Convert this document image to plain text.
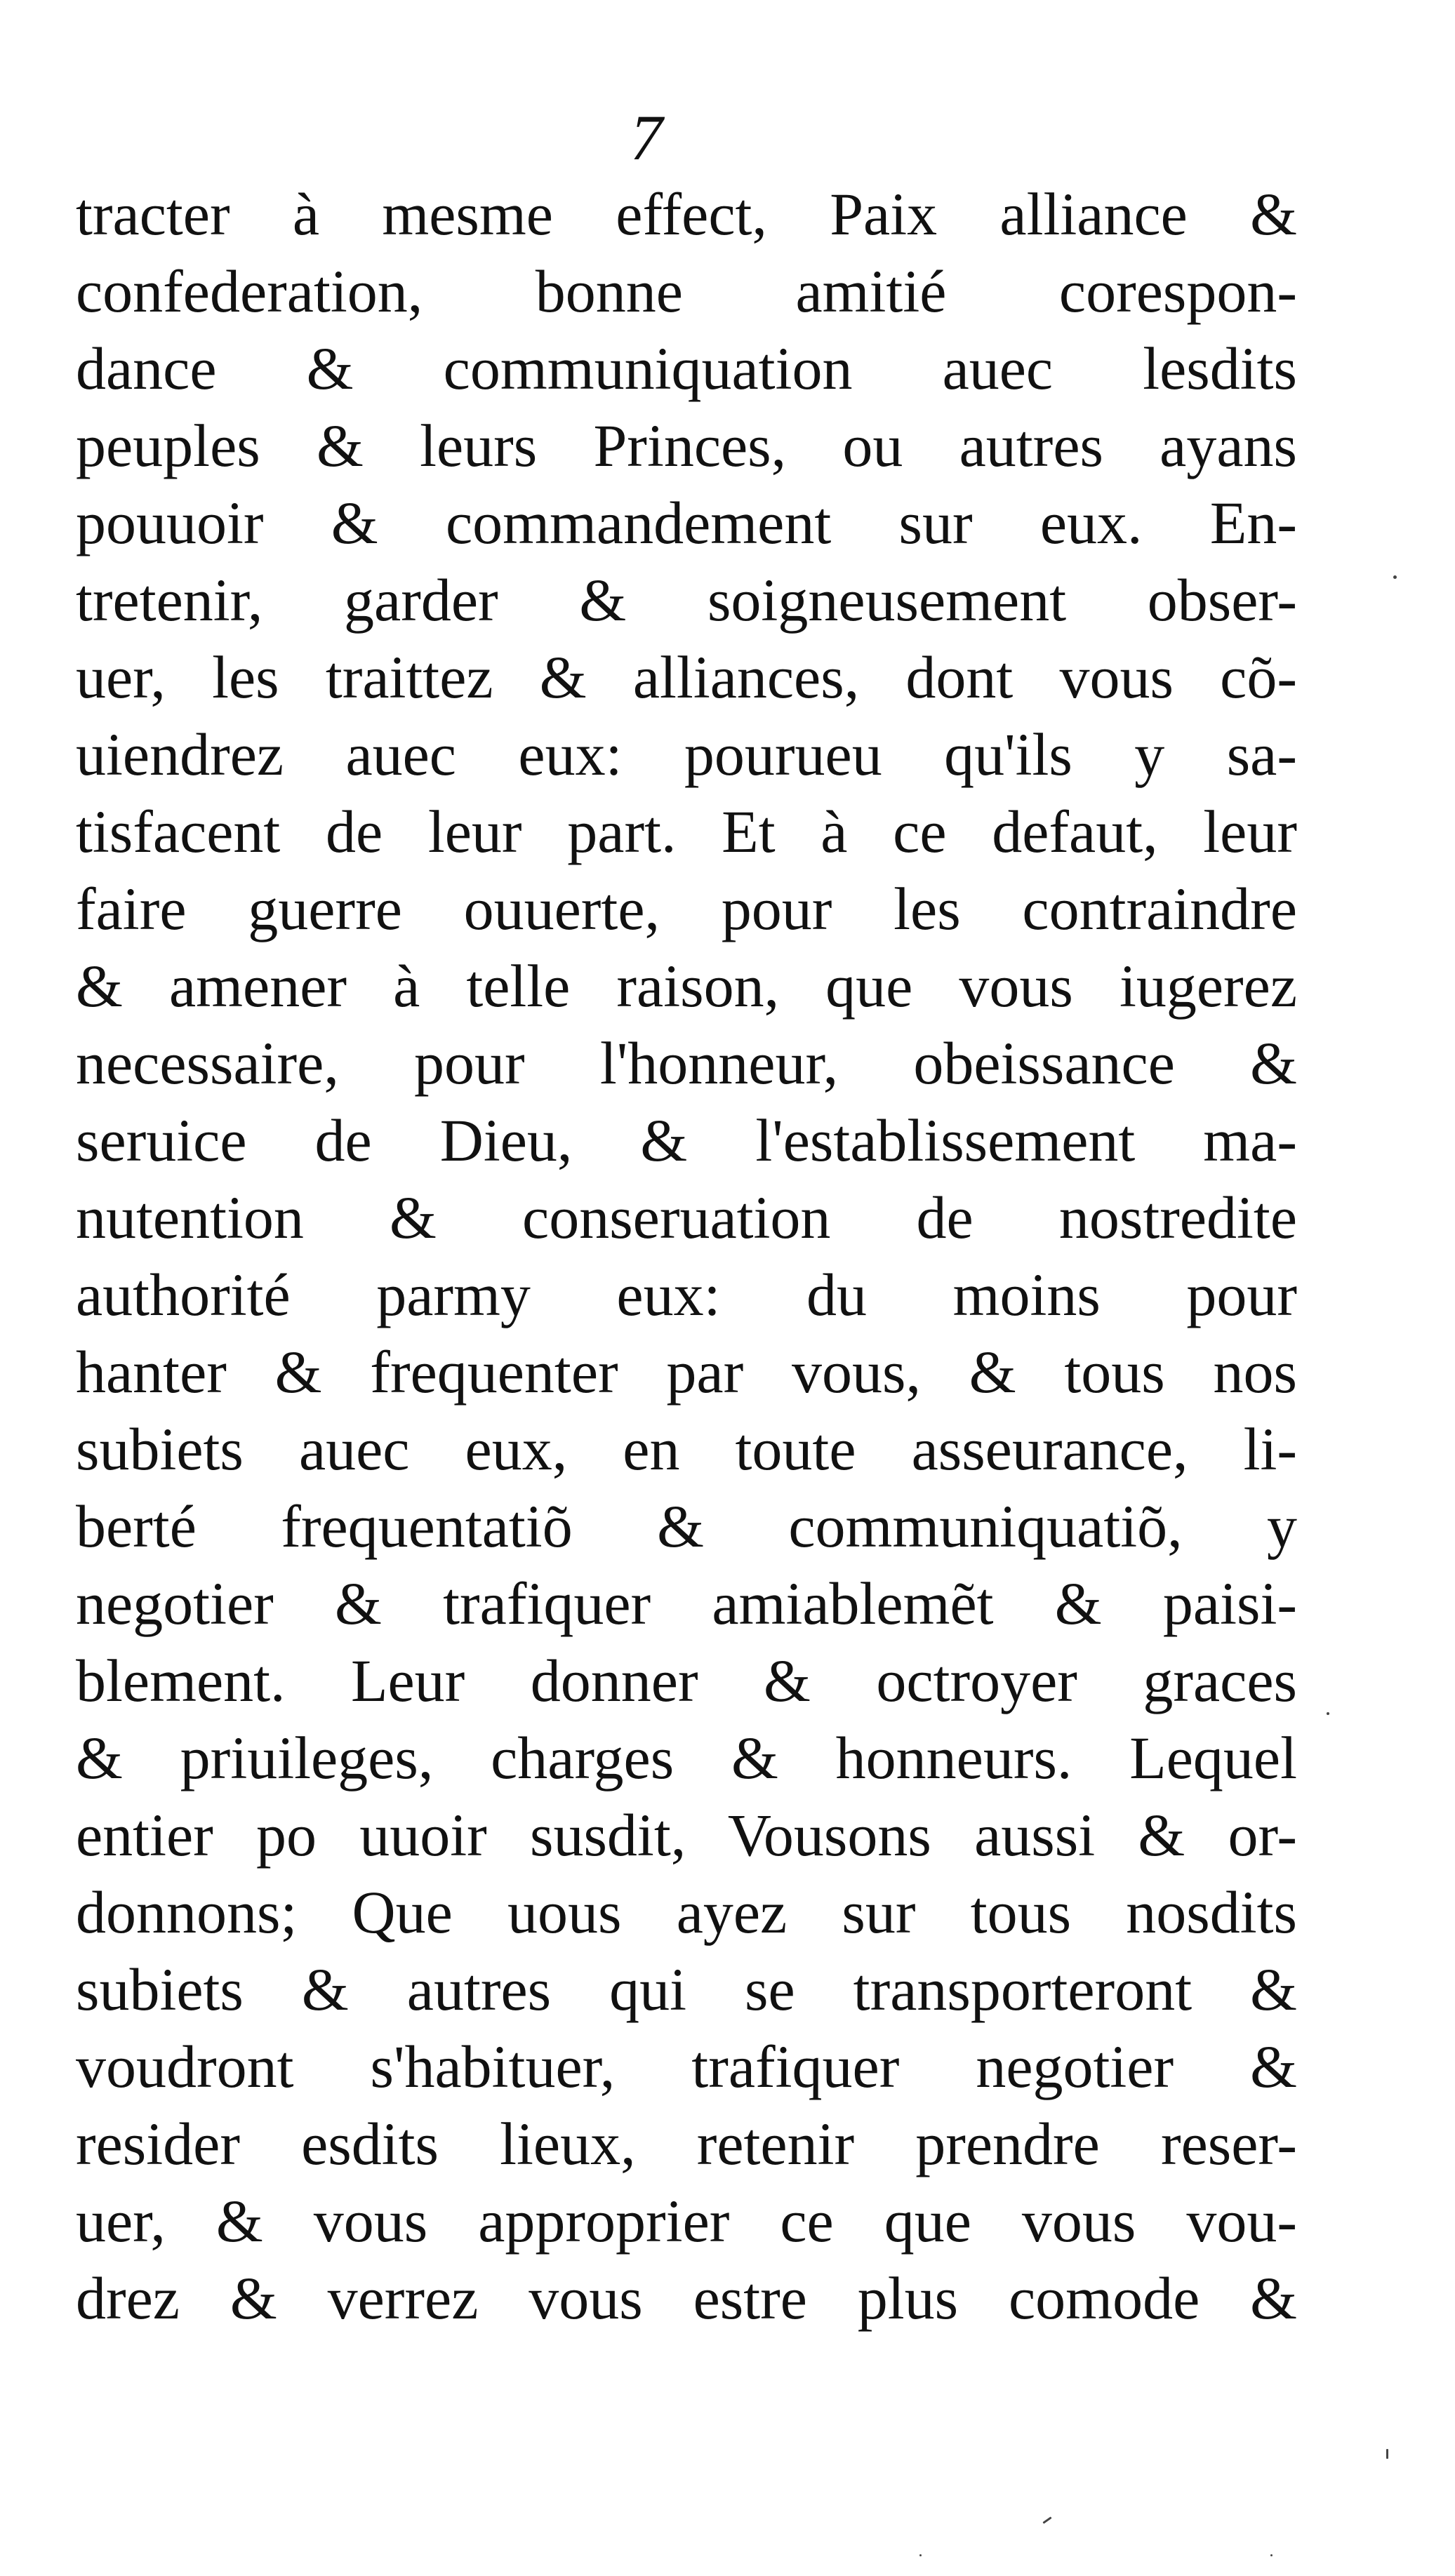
7
tracter à mesme effect, Paix alliance &
confederation, bonne amitié corespon-
dance & communiquation auec lesdits
peuples & leurs Princes, ou autres ayans
pouuoir & commandement sur eux. En-
tretenir, garder & soigneusement obser-
uer, les traittez & alliances, dont vous cõ-
uiendrez auec eux: pourueu qu'ils y sa-
tisfacent de leur part. Et à ce defaut, leur
faire guerre ouuerte, pour les contraindre
& amener à telle raison, que vous iugerez
necessaire, pour l'honneur, obeissance &
seruice de Dieu, & l'establissement ma-
nutention & conseruation de nostredite
authorité parmy eux: du moins pour
hanter & frequenter par vous, & tous nos
subiets auec eux, en toute asseurance, li-
berté frequentatiõ & communiquatiõ, y
negotier & trafiquer amiablemẽt & paisi-
blement. Leur donner & octroyer graces
& priuileges, charges & honneurs. Lequel
entier po uuoir susdit, Vousons aussi & or-
donnons; Que uous ayez sur tous nosdits
subiets & autres qui se transporteront &
voudront s'habituer, trafiquer negotier &
resider esdits lieux, retenir prendre reser-
uer, & vous approprier ce que vous vou-
drez & verrez vous estre plus comode &
